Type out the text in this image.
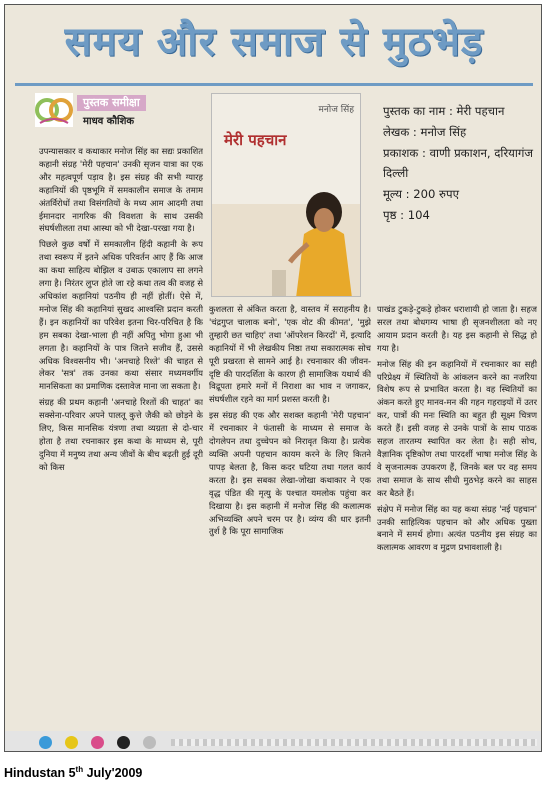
समय और समाज से मुठभेड़
पुस्तक समीक्षा
माधव कौशिक
मनोज सिंह
मेरी पहचान
पुस्तक का नाम : मेरी पहचान
लेखक : मनोज सिंह
प्रकाशक : वाणी प्रकाशन, दरियागंज दिल्ली
मूल्य : 200 रुपए
पृष्ठ : 104

उपन्यासकार व कथाकार मनोज सिंह का सद्यः प्रकाशित कहानी संग्रह 'मेरी पहचान' उनकी सृजन यात्रा का एक और महत्वपूर्ण पड़ाव है। इस संग्रह की सभी ग्यारह कहानियों की पृष्ठभूमि में समकालीन समाज के तमाम अंतर्विरोधों तथा विसंगतियों के मध्य आम आदमी तथा ईमानदार नागरिक की विवशता के साथ उसकी संघर्षशीलता तथा आस्था को भी देखा-परखा गया है।

पिछले कुछ वर्षों में समकालीन हिंदी कहानी के रूप तथा स्वरूप में इतने अधिक परिवर्तन आए हैं कि आज का कथा साहित्य बोझिल व उबाऊ एकालाप सा लगने लगा है। निरंतर लुप्त होते जा रहे कथा तत्व की वजह से अधिकांश कहानियां पठनीय ही नहीं होतीं। ऐसे में, मनोज सिंह की कहानियां सुखद आश्वस्ति प्रदान करती हैं। इन कहानियों का परिवेश इतना चिर-परिचित है कि हम सबका देखा-भाला ही नहीं अपितु भोगा हुआ भी लगता है। कहानियों के पात्र जितने सजीव हैं, उससे अधिक विश्वसनीय भी। 'अनचाहे रिश्ते' की चाहत से लेकर 'सत्र' तक उनका कथा संसार मध्यमवर्गीय मानसिकता का प्रमाणिक दस्तावेज माना जा सकता है।

संग्रह की प्रथम कहानी 'अनचाहे रिश्तों की चाहत' का सक्सेना-परिवार अपने पालतू कुत्ते जैकी को छोड़ने के लिए, किस मानसिक यंत्रणा तथा व्यग्रता से दो-चार होता है तथा रचनाकार इस कथा के माध्यम से, पूरी दुनिया में मनुष्य तथा अन्य जीवों के बीच बढ़ती हुई दूरी को किस

कुशलता से अंकित करता है, वास्तव में सराहनीय है। 'चंद्रगुप्त चालाक बनो', 'एक वोट की कीमत', 'मुझे तुम्हारी छत चाहिए' तथा 'ऑपरेशन किरदों' में, इत्यादि कहानियों में भी लेखकीय निष्ठा तथा सकारात्मक सोच पूरी प्रखरता से सामने आई है। रचनाकार की जीवन-दृष्टि की पारदर्शिता के कारण ही सामाजिक यथार्थ की विद्रूपता हमारे मनों में निराशा का भाव न जगाकर, संघर्षशील रहने का मार्ग प्रशस्त करती है।

इस संग्रह की एक और सशक्त कहानी 'मेरी पहचान' में रचनाकार ने फंतासी के माध्यम से समाज के दोगलेपन तथा दुच्चेपन को निरावृत किया है। प्रत्येक व्यक्ति अपनी पहचान कायम करने के लिए कितने पापड़ बेलता है, किस कदर घटिया तथा गलत कार्य करता है। इस सबका लेखा-जोखा कथाकार ने एक वृद्ध पंडित की मृत्यु के पश्चात यमलोक पहुंचा कर दिखाया है। इस कहानी में मनोज सिंह की कलात्मक अभिव्यक्ति अपने चरम पर है। व्यंग्य की धार इतनी तुर्श है कि पूरा सामाजिक

पाखंड टुकड़े-टुकड़े होकर धराशायी हो जाता है। सहज सरल तथा बोधगम्य भाषा ही सृजनशीलता को नए आयाम प्रदान करती है। यह इस कहानी से सिद्ध हो गया है।

मनोज सिंह की इन कहानियों में रचनाकार का सही परिप्रेक्ष्य में स्थितियों के आंकलन करने का नजरिया विशेष रूप से प्रभावित करता है। वह स्थितियों का अंकन करते हुए मानव-मन की गहन गहराइयों में उतर कर, पात्रों की मनः स्थिति का बहुत ही सूक्ष्म चित्रण करते हैं। इसी वजह से उनके पात्रों के साथ पाठक सहज तारतम्य स्थापित कर लेता है। सही सोच, वैज्ञानिक दृष्टिकोण तथा पारदर्शी भाषा मनोज सिंह के वे सृजनात्मक उपकरण हैं, जिनके बल पर वह समय तथा समाज के साथ सीधी मुठभेड़ करने का साहस कर बैठते हैं।

संक्षेप में मनोज सिंह का यह कथा संग्रह 'नई पहचान' उनकी साहित्यिक पहचान को और अधिक पुख्ता बनाने में समर्थ होगा। अत्यंत पठनीय इस संग्रह का कलात्मक आवरण व मुद्रण प्रभावशाली है।

Hindustan 5th July'2009
